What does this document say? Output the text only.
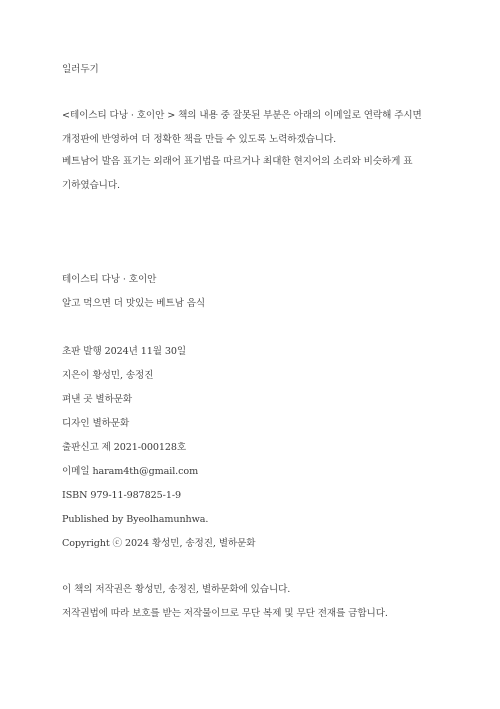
일러두기
<테이스티 다낭 · 호이안 > 책의 내용 중 잘못된 부분은 아래의 이메일로 연락해 주시면
개정판에 반영하여 더 정확한 책을 만들 수 있도록 노력하겠습니다.
베트남어 발음 표기는 외래어 표기법을 따르거나 최대한 현지어의 소리와 비슷하게 표
기하였습니다.
테이스티 다낭 · 호이안
알고 먹으면 더 맛있는 베트남 음식
초판 발행 2024년 11월 30일
지은이 황성민, 송정진
펴낸 곳 별하문화
디자인 별하문화
출판신고 제 2021-000128호
이메일 haram4th@gmail.com
ISBN 979-11-987825-1-9
Published by Byeolhamunhwa.
Copyright ⓒ 2024 황성민, 송정진, 별하문화
이 책의 저작권은 황성민, 송정진, 별하문화에 있습니다.
저작권법에 따라 보호를 받는 저작물이므로 무단 복제 및 무단 전재를 금합니다.
